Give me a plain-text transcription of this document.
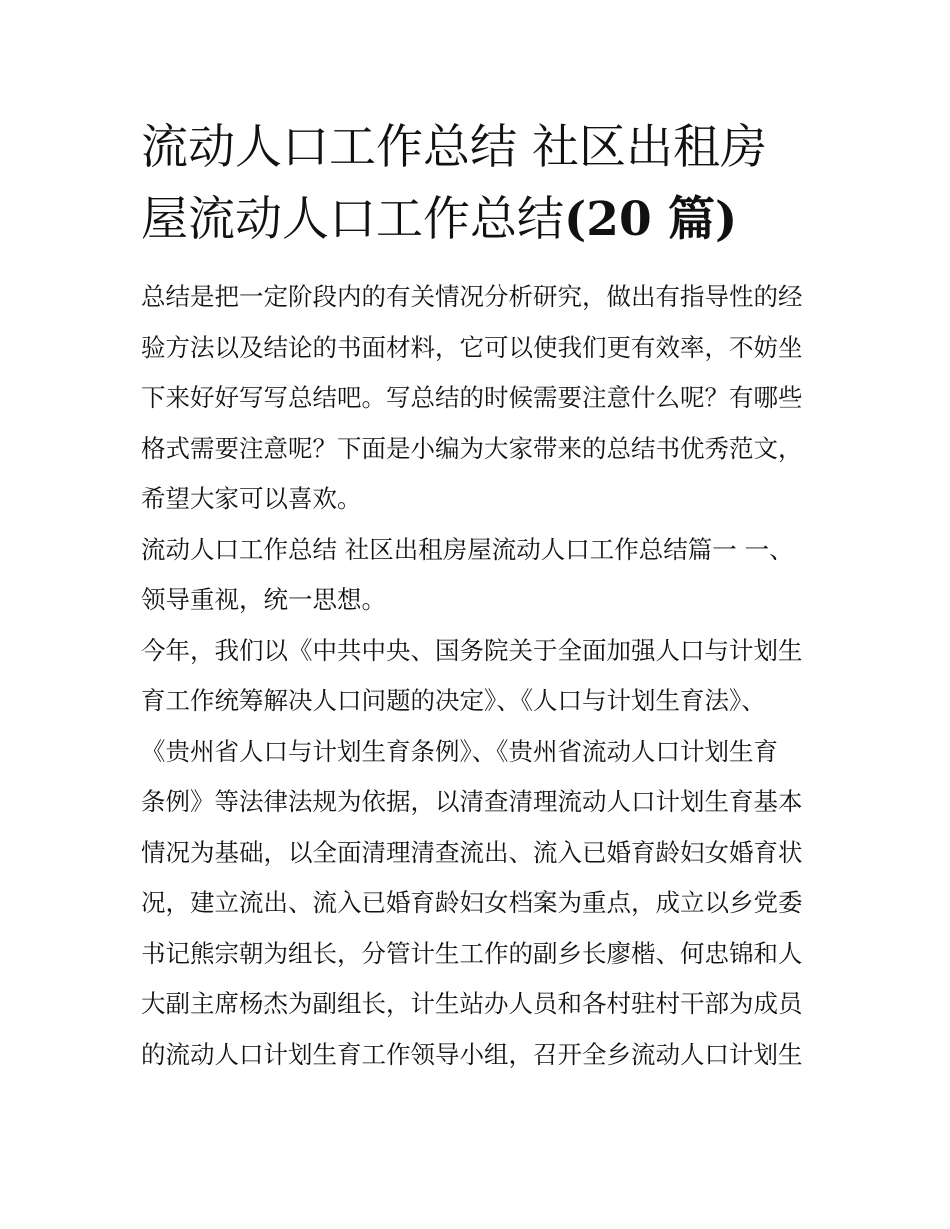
流动人口工作总结 社区出租房
屋流动人口工作总结(20 篇)

总结是把一定阶段内的有关情况分析研究，做出有指导性的经
验方法以及结论的书面材料，它可以使我们更有效率，不妨坐
下来好好写写总结吧。写总结的时候需要注意什么呢？有哪些
格式需要注意呢？下面是小编为大家带来的总结书优秀范文，
希望大家可以喜欢。

流动人口工作总结 社区出租房屋流动人口工作总结篇一 一、
领导重视，统一思想。

今年，我们以《中共中央、国务院关于全面加强人口与计划生
育工作统筹解决人口问题的决定》、《人口与计划生育法》、
《贵州省人口与计划生育条例》、《贵州省流动人口计划生育
条例》等法律法规为依据，以清查清理流动人口计划生育基本
情况为基础，以全面清理清查流出、流入已婚育龄妇女婚育状
况，建立流出、流入已婚育龄妇女档案为重点，成立以乡党委
书记熊宗朝为组长，分管计生工作的副乡长廖楷、何忠锦和人
大副主席杨杰为副组长，计生站办人员和各村驻村干部为成员
的流动人口计划生育工作领导小组，召开全乡流动人口计划生
